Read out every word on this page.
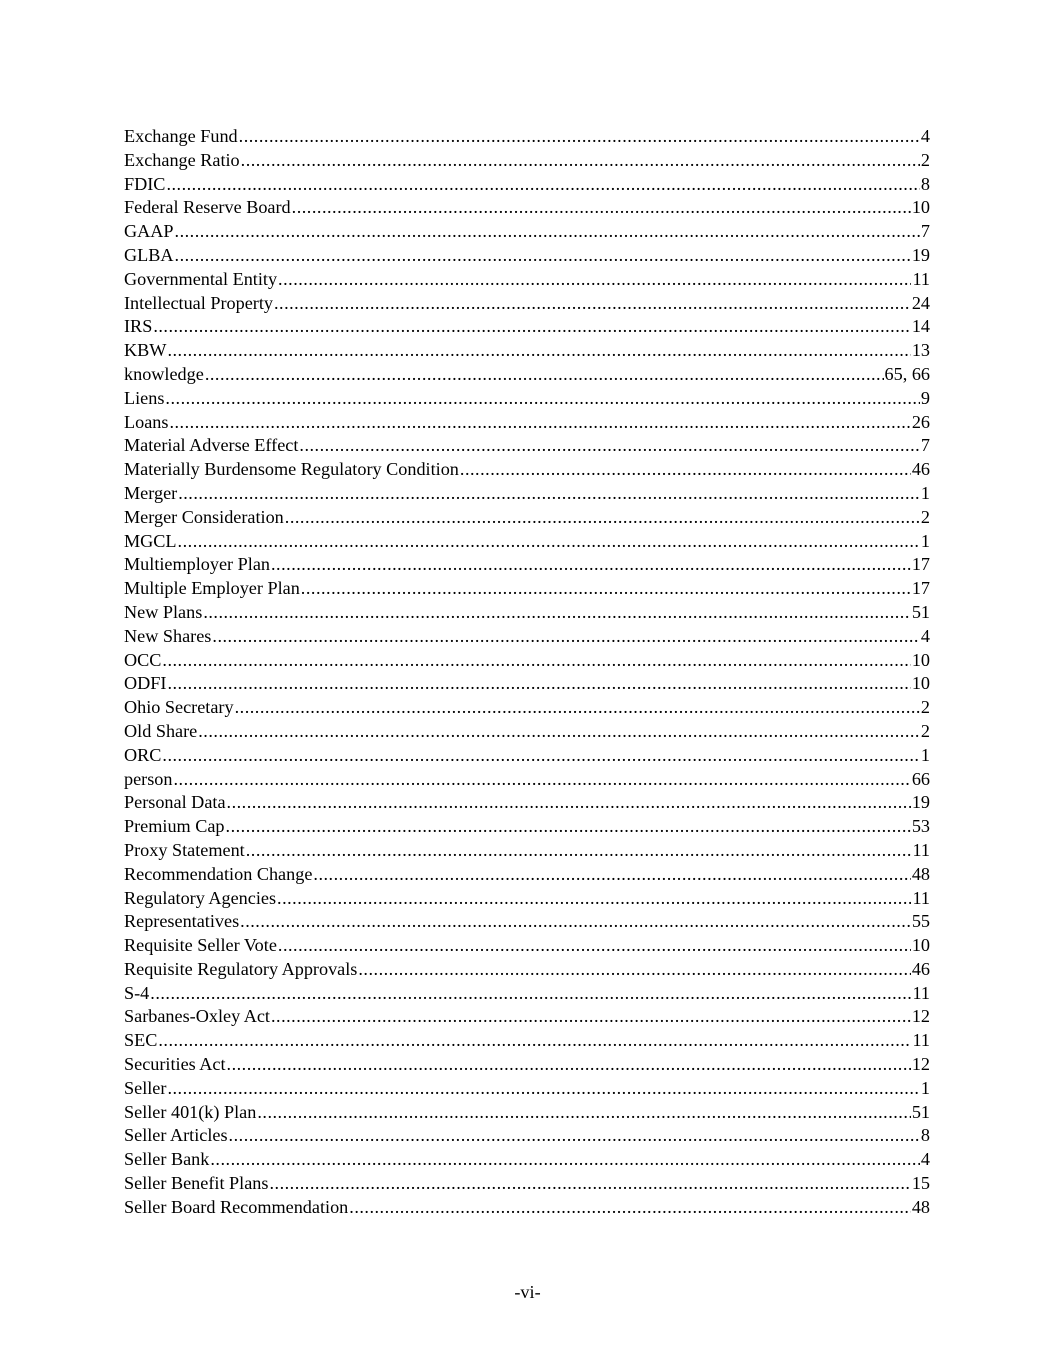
Exchange Fund .....	4
Exchange Ratio .....	2
FDIC .....	8
Federal Reserve Board .....	10
GAAP .....	7
GLBA .....	19
Governmental Entity .....	11
Intellectual Property .....	24
IRS .....	14
KBW .....	13
knowledge .....	65, 66
Liens .....	9
Loans .....	26
Material Adverse Effect .....	7
Materially Burdensome Regulatory Condition .....	46
Merger .....	1
Merger Consideration .....	2
MGCL .....	1
Multiemployer Plan .....	17
Multiple Employer Plan .....	17
New Plans .....	51
New Shares .....	4
OCC .....	10
ODFI .....	10
Ohio Secretary .....	2
Old Share .....	2
ORC .....	1
person .....	66
Personal Data .....	19
Premium Cap .....	53
Proxy Statement .....	11
Recommendation Change .....	48
Regulatory Agencies .....	11
Representatives .....	55
Requisite Seller Vote .....	10
Requisite Regulatory Approvals .....	46
S-4 .....	11
Sarbanes-Oxley Act .....	12
SEC .....	11
Securities Act .....	12
Seller .....	1
Seller 401(k) Plan .....	51
Seller Articles .....	8
Seller Bank .....	4
Seller Benefit Plans .....	15
Seller Board Recommendation .....	48
-vi-
